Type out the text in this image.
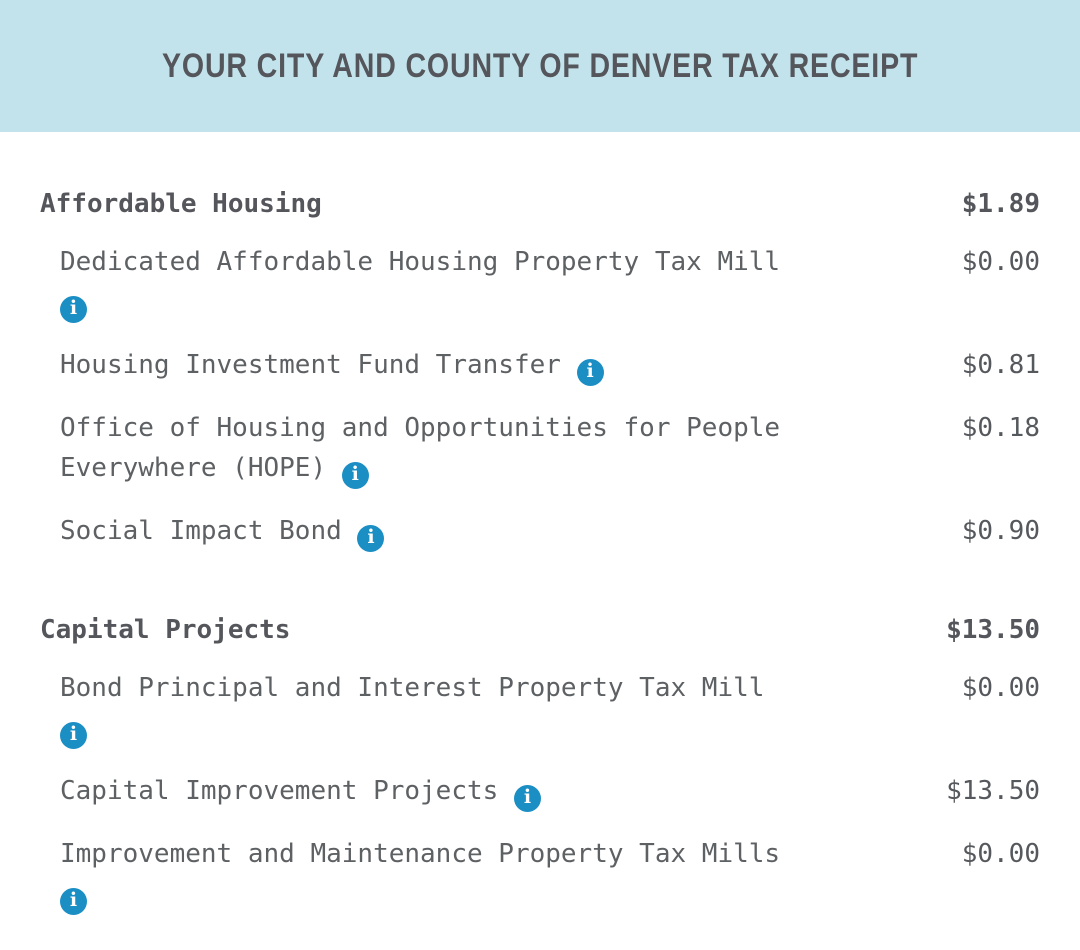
YOUR CITY AND COUNTY OF DENVER TAX RECEIPT
Affordable Housing	$1.89
Dedicated Affordable Housing Property Tax Mill
i
$0.00
Housing Investment Fund Transfer i	$0.81
Office of Housing and Opportunities for People Everywhere (HOPE) i
$0.18
Social Impact Bond i	$0.90
Capital Projects	$13.50
Bond Principal and Interest Property Tax Mill
i
$0.00
Capital Improvement Projects i	$13.50
Improvement and Maintenance Property Tax Mills
i
$0.00
